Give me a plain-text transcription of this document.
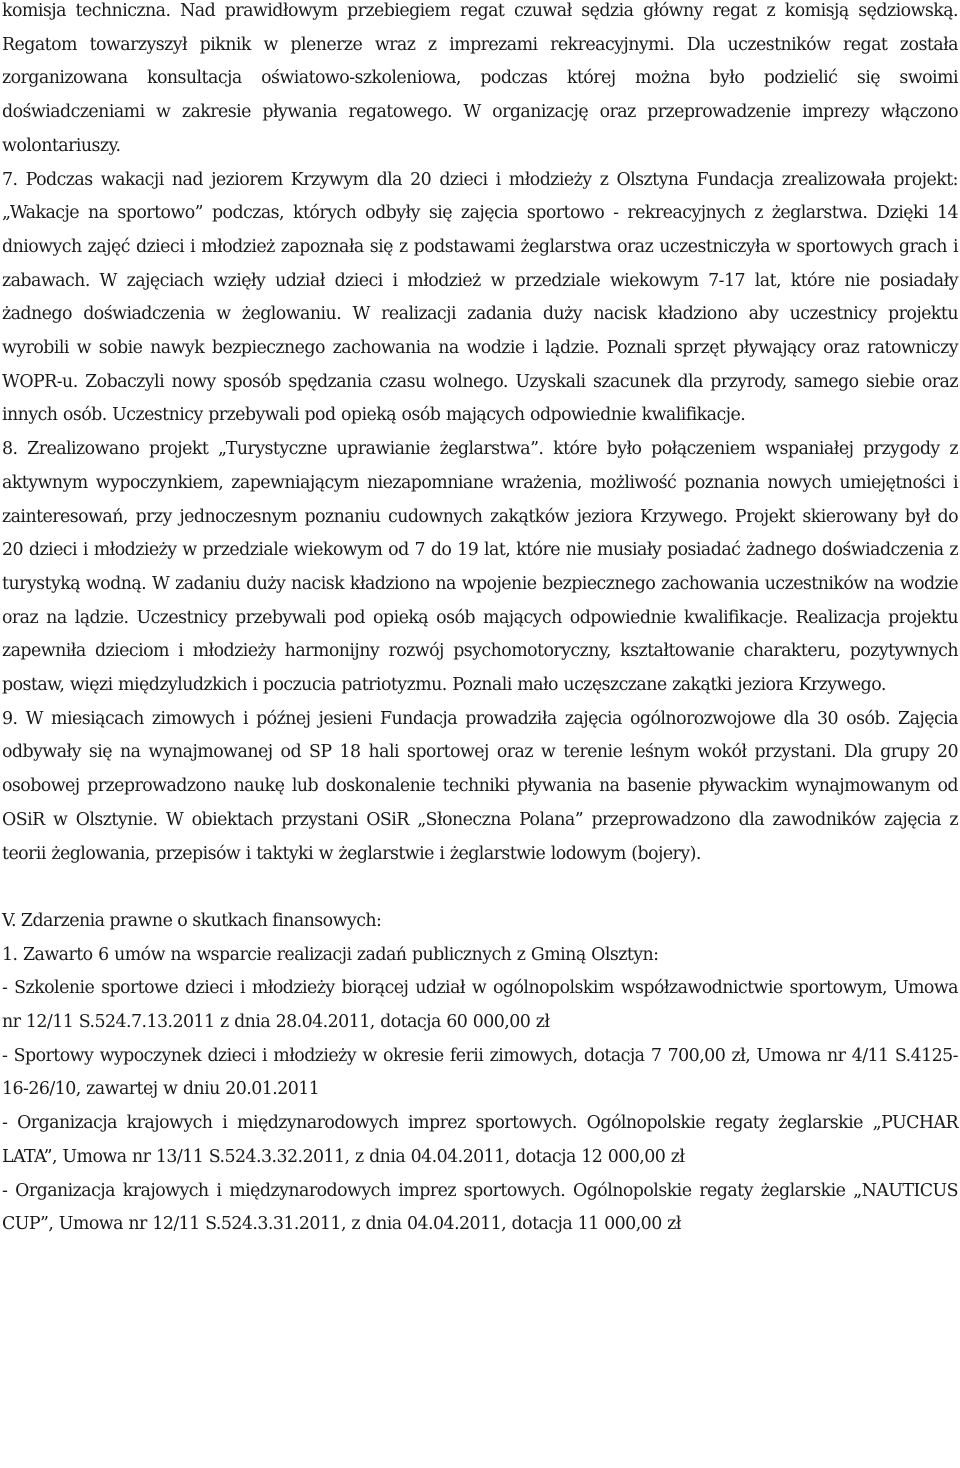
komisja techniczna. Nad prawidłowym przebiegiem regat czuwał sędzia główny regat z komisją sędziowską. Regatom towarzyszył piknik w plenerze wraz z imprezami rekreacyjnymi. Dla uczestników regat została zorganizowana konsultacja oświatowo-szkoleniowa, podczas której można było podzielić się swoimi doświadczeniami w zakresie pływania regatowego. W organizację oraz przeprowadzenie imprezy włączono wolontariuszy.

7. Podczas wakacji nad jeziorem Krzywym dla 20 dzieci i młodzieży z Olsztyna Fundacja zrealizowała projekt: „Wakacje na sportowo” podczas, których odbyły się zajęcia sportowo - rekreacyjnych z żeglarstwa. Dzięki 14 dniowych zajęć dzieci i młodzież zapoznała się z podstawami żeglarstwa oraz uczestniczyła w sportowych grach i zabawach. W zajęciach wzięły udział dzieci i młodzież w przedziale wiekowym 7-17 lat, które nie posiadały żadnego doświadczenia w żeglowaniu. W realizacji zadania duży nacisk kładziono aby uczestnicy projektu wyrobili w sobie nawyk bezpiecznego zachowania na wodzie i lądzie. Poznali sprzęt pływający oraz ratowniczy WOPR-u. Zobaczyli nowy sposób spędzania czasu wolnego. Uzyskali szacunek dla przyrody, samego siebie oraz innych osób. Uczestnicy przebywali pod opieką osób mających odpowiednie kwalifikacje.

8. Zrealizowano projekt „Turystyczne uprawianie żeglarstwa”. które było połączeniem wspaniałej przygody z aktywnym wypoczynkiem, zapewniającym niezapomniane wrażenia, możliwość poznania nowych umiejętności i zainteresowań, przy jednoczesnym poznaniu cudownych zakątków jeziora Krzywego. Projekt skierowany był do 20 dzieci i młodzieży w przedziale wiekowym od 7 do 19 lat, które nie musiały posiadać żadnego doświadczenia z turystyką wodną. W zadaniu duży nacisk kładziono na wpojenie bezpiecznego zachowania uczestników na wodzie oraz na lądzie. Uczestnicy przebywali pod opieką osób mających odpowiednie kwalifikacje. Realizacja projektu zapewniła dzieciom i młodzieży harmonijny rozwój psychomotoryczny, kształtowanie charakteru, pozytywnych postaw, więzi międzyludzkich i poczucia patriotyzmu. Poznali mało uczęszczane zakątki jeziora Krzywego.

9. W miesiącach zimowych i późnej jesieni Fundacja prowadziła zajęcia ogólnorozwojowe dla 30 osób. Zajęcia odbywały się na wynajmowanej od SP 18 hali sportowej oraz w terenie leśnym wokół przystani. Dla grupy 20 osobowej przeprowadzono naukę lub doskonalenie techniki pływania na basenie pływackim wynajmowanym od OSiR w Olsztynie. W obiektach przystani OSiR „Słoneczna Polana” przeprowadzono dla zawodników zajęcia z teorii żeglowania, przepisów i taktyki w żeglarstwie i żeglarstwie lodowym (bojery).

V. Zdarzenia prawne o skutkach finansowych:

1. Zawarto 6 umów na wsparcie realizacji zadań publicznych z Gminą Olsztyn:

- Szkolenie sportowe dzieci i młodzieży biorącej udział w ogólnopolskim współzawodnictwie sportowym, Umowa nr 12/11 S.524.7.13.2011 z dnia 28.04.2011, dotacja 60 000,00 zł

- Sportowy wypoczynek dzieci i młodzieży w okresie ferii zimowych, dotacja 7 700,00 zł, Umowa nr 4/11 S.4125-16-26/10, zawartej w dniu 20.01.2011

- Organizacja krajowych i międzynarodowych imprez sportowych. Ogólnopolskie regaty żeglarskie „PUCHAR LATA”, Umowa nr 13/11 S.524.3.32.2011, z dnia 04.04.2011, dotacja 12 000,00 zł

- Organizacja krajowych i międzynarodowych imprez sportowych. Ogólnopolskie regaty żeglarskie „NAUTICUS CUP”, Umowa nr 12/11 S.524.3.31.2011, z dnia 04.04.2011, dotacja 11 000,00 zł
